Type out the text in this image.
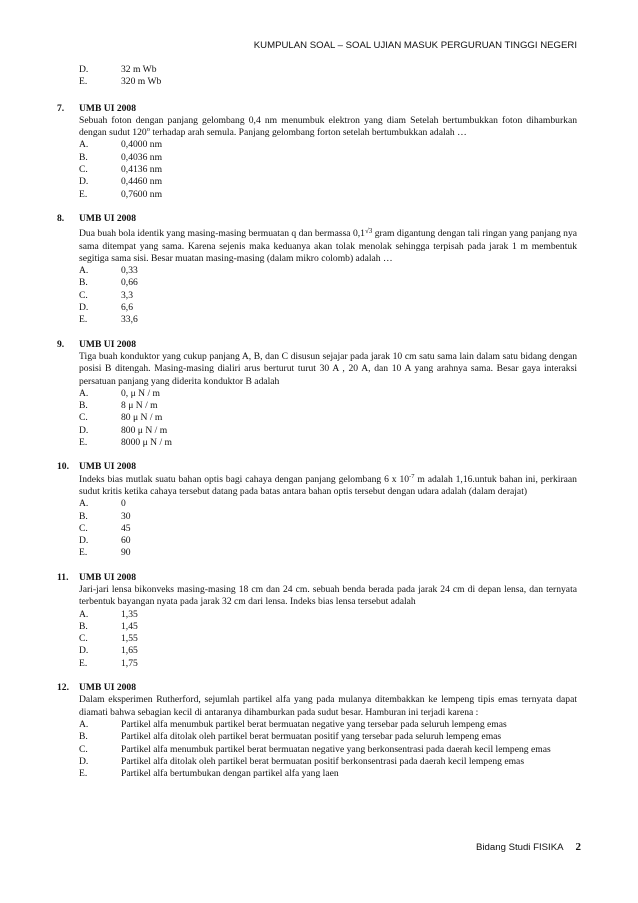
KUMPULAN SOAL – SOAL UJIAN MASUK PERGURUAN TINGGI NEGERI
D.	32 m Wb
E.	320 m Wb
7. UMB UI 2008
Sebuah foton dengan panjang gelombang 0,4 nm menumbuk elektron yang diam Setelah bertumbukkan foton dihamburkan dengan sudut 120$^o$ terhadap arah semula. Panjang gelombang forton setelah bertumbukkan adalah …
A.	0,4000 nm
B.	0,4036 nm
C.	0,4136 nm
D.	0,4460 nm
E.	0,7600 nm
8. UMB UI 2008
Dua buah bola identik yang masing-masing bermuatan q dan bermassa $0,1^{√3}$ gram digantung dengan tali ringan yang panjang nya sama ditempat yang sama. Karena sejenis maka keduanya akan tolak menolak sehingga terpisah pada jarak 1 m membentuk segitiga sama sisi. Besar muatan masing-masing (dalam mikro colomb) adalah …
A.	0,33
B.	0,66
C.	3,3
D.	6,6
E.	33,6
9. UMB UI 2008
Tiga buah konduktor yang cukup panjang A, B, dan C disusun sejajar pada jarak 10 cm satu sama lain dalam satu bidang dengan posisi B ditengah. Masing-masing dialiri arus berturut turut 30 A , 20 A, dan 10 A yang arahnya sama. Besar gaya interaksi persatuan panjang yang diderita konduktor B adalah
A.	0, μ N / m
B.	8 μ N / m
C.	80 μ N / m
D.	800 μ N / m
E.	8000 μ N / m
10. UMB UI 2008
Indeks bias mutlak suatu bahan optis bagi cahaya dengan panjang gelombang 6 x $10^{-7}$ m adalah 1,16.untuk bahan ini, perkiraan sudut kritis ketika cahaya tersebut datang pada batas antara bahan optis tersebut dengan udara adalah (dalam derajat)
A.	0
B.	30
C.	45
D.	60
E.	90
11. UMB UI 2008
Jari-jari lensa bikonveks masing-masing 18 cm dan 24 cm. sebuah benda berada pada jarak 24 cm di depan lensa, dan ternyata terbentuk bayangan nyata pada jarak 32 cm dari lensa. Indeks bias lensa tersebut adalah
A.	1,35
B.	1,45
C.	1,55
D.	1,65
E.	1,75
12. UMB UI 2008
Dalam eksperimen Rutherford, sejumlah partikel alfa yang pada mulanya ditembakkan ke lempeng tipis emas ternyata dapat diamati bahwa sebagian kecil di antaranya dihamburkan pada sudut besar. Hamburan ini terjadi karena :
A.	Partikel alfa menumbuk partikel berat bermuatan negative yang tersebar pada seluruh lempeng emas
B.	Partikel alfa ditolak oleh partikel berat bermuatan positif yang tersebar pada seluruh lempeng emas
C.	Partikel alfa menumbuk partikel berat bermuatan negative yang berkonsentrasi pada daerah kecil lempeng emas
D.	Partikel alfa ditolak oleh partikel berat bermuatan positif berkonsentrasi pada daerah kecil lempeng emas
E.	Partikel alfa bertumbukan dengan partikel alfa yang laen
Bidang Studi FISIKA 2
